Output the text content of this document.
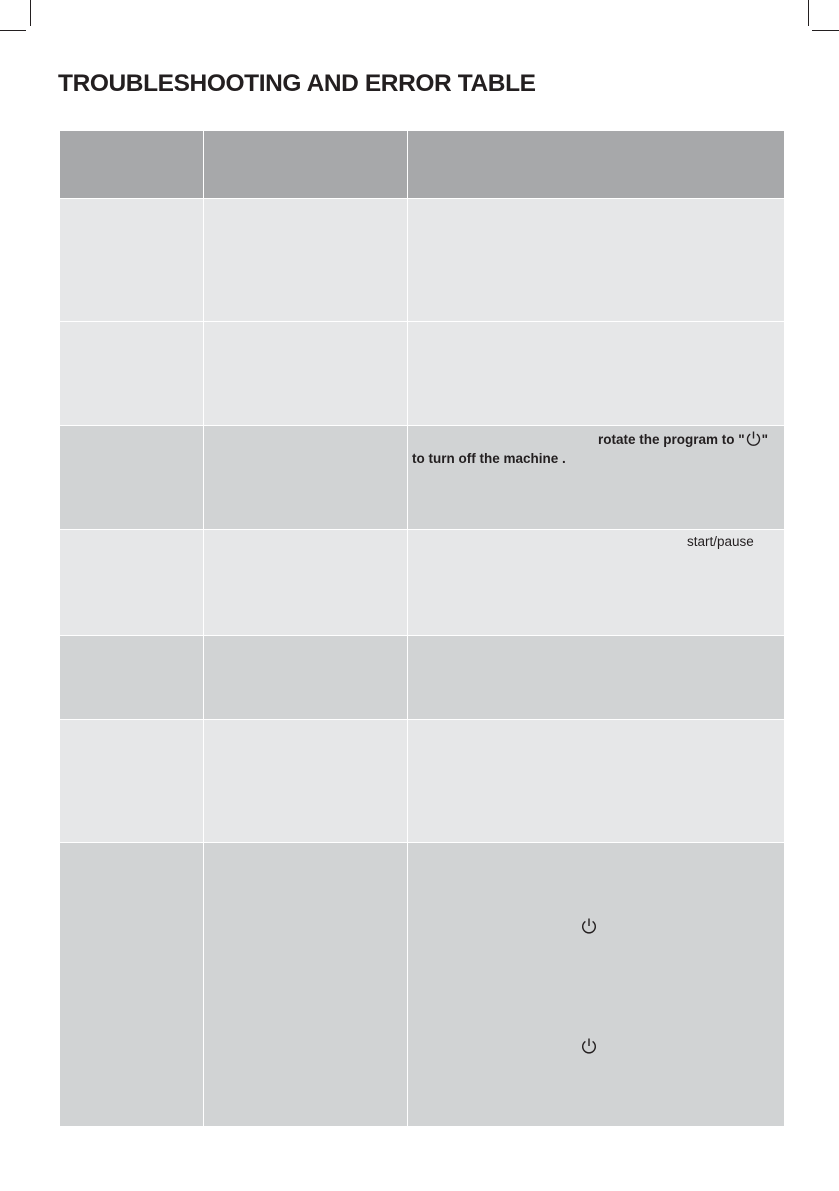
TROUBLESHOOTING AND ERROR TABLE
rotate the program to " "
to turn off the machine .
start/pause
